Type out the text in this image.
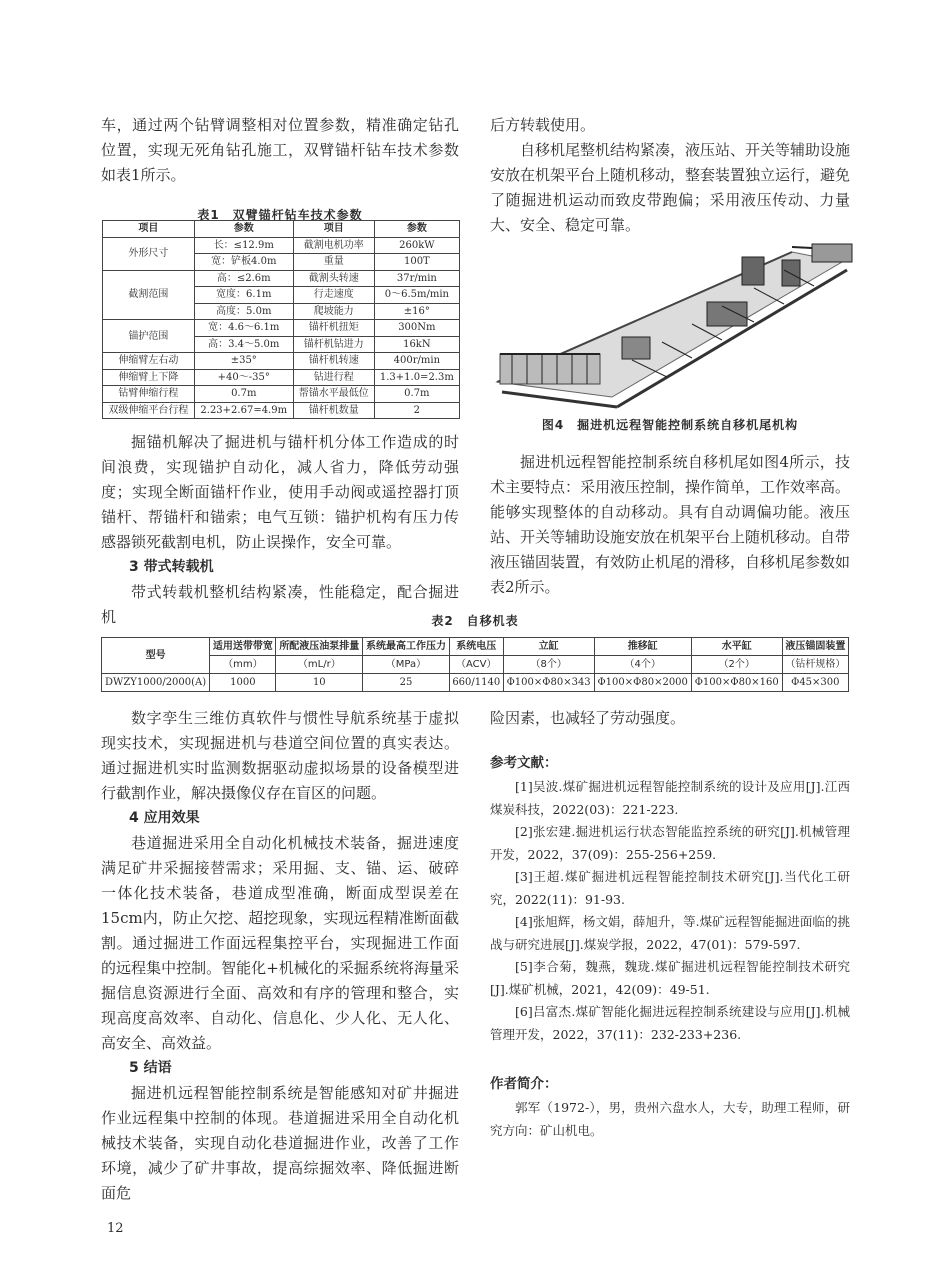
车，通过两个钻臂调整相对位置参数，精准确定钻孔位置，实现无死角钻孔施工，双臂锚杆钻车技术参数如表1所示。

表1　双臂锚杆钻车技术参数

项目	参数	项目	参数
外形尺寸	长：≤12.9m	截割电机功率	260kW
	宽：铲板4.0m	重量	100T
截割范围	高：≤2.6m	截割头转速	37r/min
	宽度：6.1m	行走速度	0～6.5m/min
	高度：5.0m	爬坡能力	±16°
锚护范围	宽：4.6～6.1m	锚杆机扭矩	300Nm
	高：3.4～5.0m	锚杆机钻进力	16kN
伸缩臂左右动	±35°	锚杆机转速	400r/min
伸缩臂上下降	+40～-35°	钻进行程	1.3+1.0=2.3m
钻臂伸缩行程	0.7m	帮锚水平最低位	0.7m
双级伸缩平台行程	2.23+2.67=4.9m	锚杆机数量	2

掘锚机解决了掘进机与锚杆机分体工作造成的时间浪费，实现锚护自动化，减人省力，降低劳动强度；实现全断面锚杆作业，使用手动阀或遥控器打顶锚杆、帮锚杆和锚索；电气互锁：锚护机构有压力传感器锁死截割电机，防止误操作，安全可靠。

3 带式转载机

带式转载机整机结构紧凑，性能稳定，配合掘进机

后方转载使用。

自移机尾整机结构紧凑，液压站、开关等辅助设施安放在机架平台上随机移动，整套装置独立运行，避免了随掘进机运动而致皮带跑偏；采用液压传动、力量大、安全、稳定可靠。

图4　掘进机远程智能控制系统自移机尾机构

掘进机远程智能控制系统自移机尾如图4所示，技术主要特点：采用液压控制，操作简单，工作效率高。能够实现整体的自动移动。具有自动调偏功能。液压站、开关等辅助设施安放在机架平台上随机移动。自带液压锚固装置，有效防止机尾的滑移，自移机尾参数如表2所示。

表2　自移机表

型号	适用送带带宽	所配液压油泵排量	系统最高工作压力	系统电压	立缸	推移缸	水平缸	液压锚固装置
	（mm）	（mL/r）	（MPa）	（ACV）	（8个）	（4个）	（2个）	（钻杆规格）
DWZY1000/2000(A)	1000	10	25	660/1140	Φ100×Φ80×343	Φ100×Φ80×2000	Φ100×Φ80×160	Φ45×300

数字孪生三维仿真软件与惯性导航系统基于虚拟现实技术，实现掘进机与巷道空间位置的真实表达。通过掘进机实时监测数据驱动虚拟场景的设备模型进行截割作业，解决摄像仪存在盲区的问题。

4 应用效果

巷道掘进采用全自动化机械技术装备，掘进速度满足矿井采掘接替需求；采用掘、支、锚、运、破碎一体化技术装备，巷道成型准确，断面成型误差在15cm内，防止欠挖、超挖现象，实现远程精准断面截割。通过掘进工作面远程集控平台，实现掘进工作面的远程集中控制。智能化+机械化的采掘系统将海量采掘信息资源进行全面、高效和有序的管理和整合，实现高度高效率、自动化、信息化、少人化、无人化、高安全、高效益。

5 结语

掘进机远程智能控制系统是智能感知对矿井掘进作业远程集中控制的体现。巷道掘进采用全自动化机械技术装备，实现自动化巷道掘进作业，改善了工作环境，减少了矿井事故，提高综掘效率、降低掘进断面危

险因素，也减轻了劳动强度。

参考文献：

[1]吴波.煤矿掘进机远程智能控制系统的设计及应用[J].江西煤炭科技，2022(03)：221-223.

[2]张宏建.掘进机运行状态智能监控系统的研究[J].机械管理开发，2022，37(09)：255-256+259.

[3]王超.煤矿掘进机远程智能控制技术研究[J].当代化工研究，2022(11)：91-93.

[4]张旭辉，杨文娟，薛旭升，等.煤矿远程智能掘进面临的挑战与研究进展[J].煤炭学报，2022，47(01)：579-597.

[5]李合菊，魏燕，魏珑.煤矿掘进机远程智能控制技术研究[J].煤矿机械，2021，42(09)：49-51.

[6]吕富杰.煤矿智能化掘进远程控制系统建设与应用[J].机械管理开发，2022，37(11)：232-233+236.

作者简介：

郭军（1972-），男，贵州六盘水人，大专，助理工程师，研究方向：矿山机电。

12
